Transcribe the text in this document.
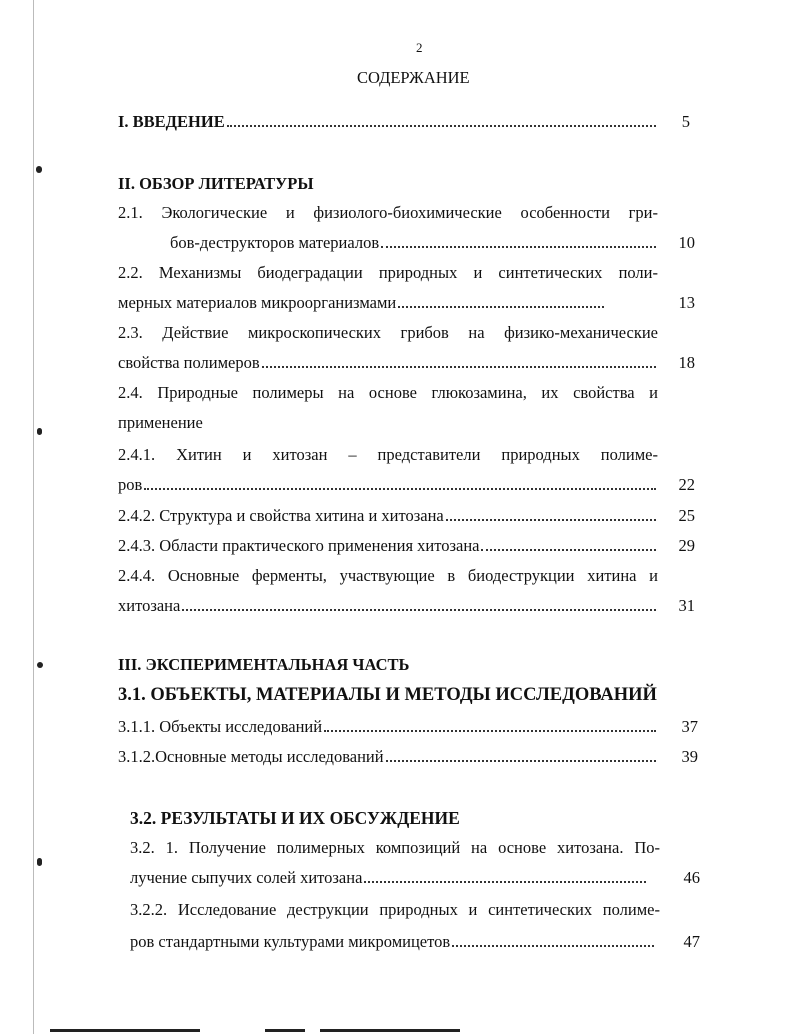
2
СОДЕРЖАНИЕ
I. ВВЕДЕНИЕ	5
II. ОБЗОР ЛИТЕРАТУРЫ
2.1. Экологические и физиолого-биохимические особенности гри-
бов-деструкторов материалов	10
2.2. Механизмы биодеградации природных и синтетических поли-
мерных материалов микроорганизмами	13
2.3. Действие микроскопических грибов на физико-механические
свойства полимеров	18
2.4. Природные полимеры на основе глюкозамина, их свойства и
применение
2.4.1. Хитин и хитозан – представители природных полиме-
ров	22
2.4.2. Структура и свойства хитина и хитозана	25
2.4.3. Области практического применения хитозана	29
2.4.4. Основные ферменты, участвующие в биодеструкции хитина и
хитозана	31
III. ЭКСПЕРИМЕНТАЛЬНАЯ ЧАСТЬ
3.1. ОБЪЕКТЫ, МАТЕРИАЛЫ И МЕТОДЫ ИССЛЕДОВАНИЙ
3.1.1. Объекты исследований	37
3.1.2.Основные методы исследований	39
3.2. РЕЗУЛЬТАТЫ И ИХ ОБСУЖДЕНИЕ
3.2. 1. Получение полимерных композиций на основе хитозана. По-
лучение сыпучих солей хитозана	46
3.2.2. Исследование деструкции природных и синтетических полиме-
ров стандартными культурами микромицетов	47
